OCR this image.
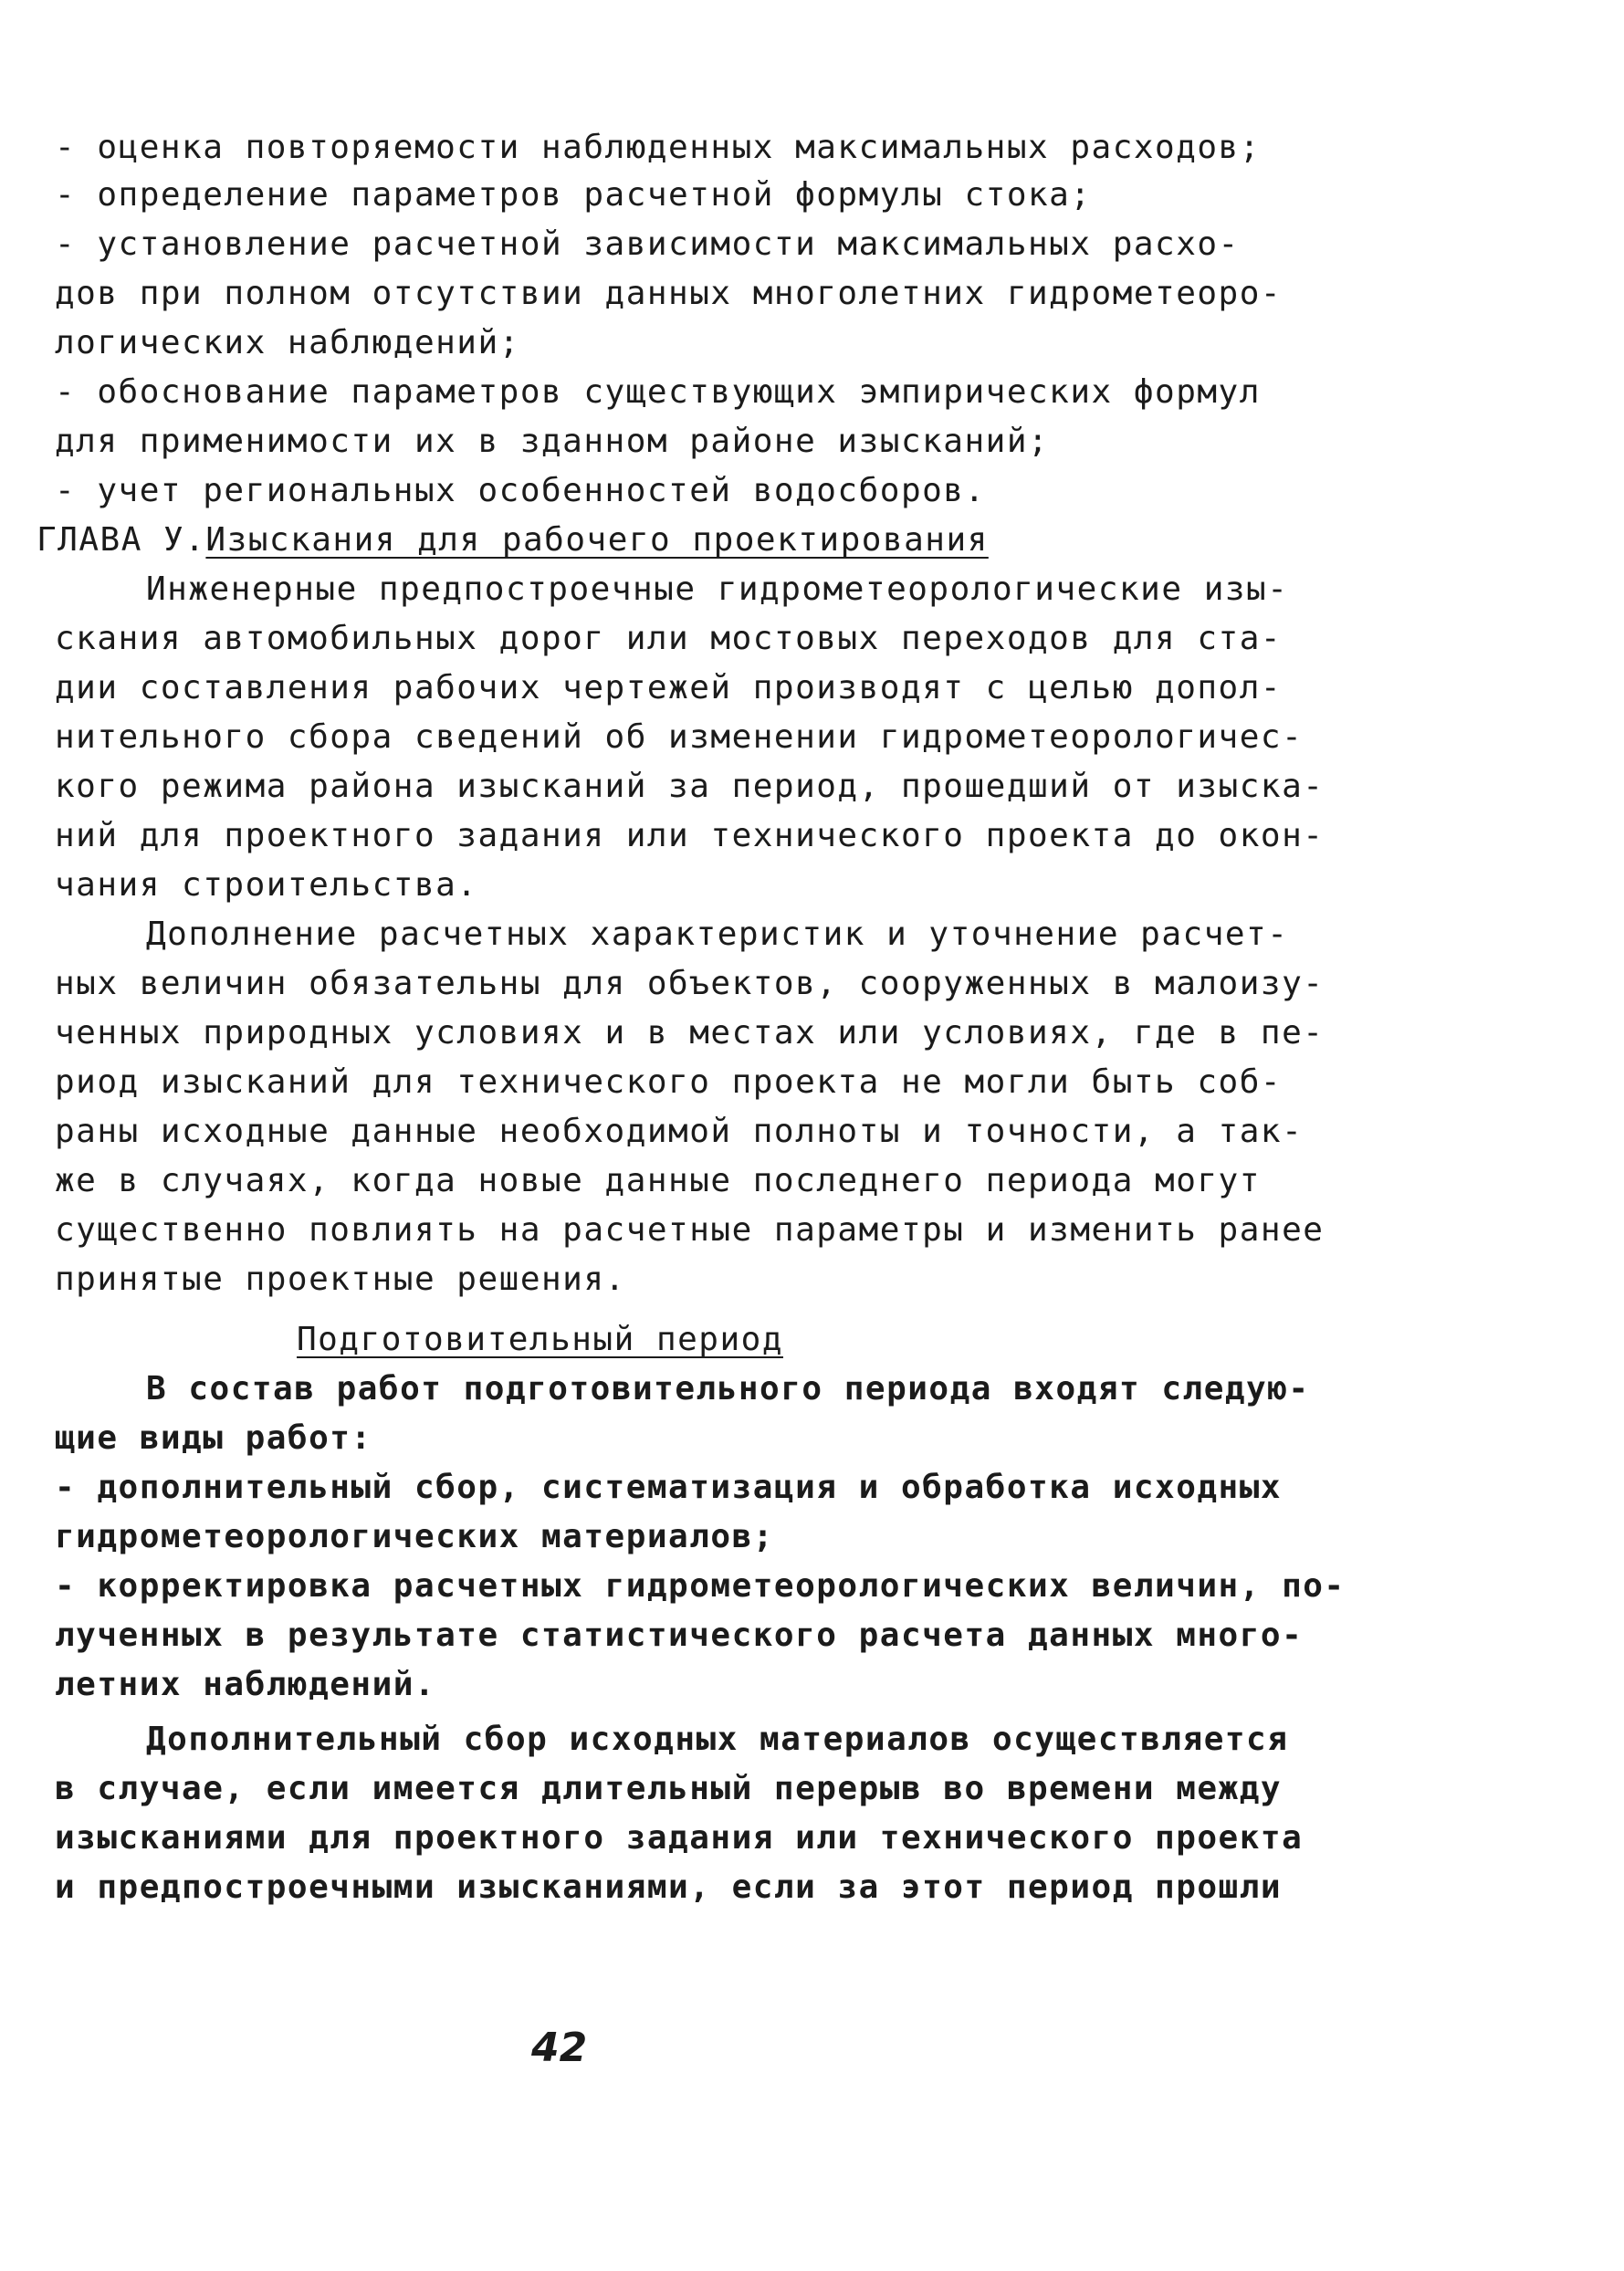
- оценка повторяемости наблюденных максимальных расходов;
- определение параметров расчетной формулы стока;
- установление расчетной зависимости максимальных расхо-
дов при полном отсутствии данных многолетних гидрометеоро-
логических наблюдений;
- обоснование параметров существующих эмпирических формул
для применимости их в зданном районе изысканий;
- учет региональных особенностей водосборов.
ГЛАВА У.Изыскания для рабочего проектирования
Инженерные предпостроечные гидрометеорологические изы-
скания автомобильных дорог или мостовых переходов для ста-
дии составления рабочих чертежей производят с целью допол-
нительного сбора сведений об изменении гидрометеорологичес-
кого режима района изысканий за период, прошедший от изыска-
ний для проектного задания или технического проекта до окон-
чания строительства.
Дополнение расчетных характеристик и уточнение расчет-
ных величин обязательны для объектов, сооруженных в малоизу-
ченных природных условиях и в местах или условиях, где в пе-
риод изысканий для технического проекта не могли быть соб-
раны исходные данные необходимой полноты и точности, а так-
же в случаях, когда новые данные последнего периода могут
существенно повлиять на расчетные параметры и изменить ранее
принятые проектные решения.
Подготовительный период
В состав работ подготовительного периода входят следую-
щие виды работ:
- дополнительный сбор, систематизация и обработка исходных
гидрометеорологических материалов;
- корректировка расчетных гидрометеорологических величин, по-
лученных в результате статистического расчета данных много-
летних наблюдений.
Дополнительный сбор исходных материалов осуществляется
в случае, если имеется длительный перерыв во времени между
изысканиями для проектного задания или технического проекта
и предпостроечными изысканиями, если за этот период прошли
42
